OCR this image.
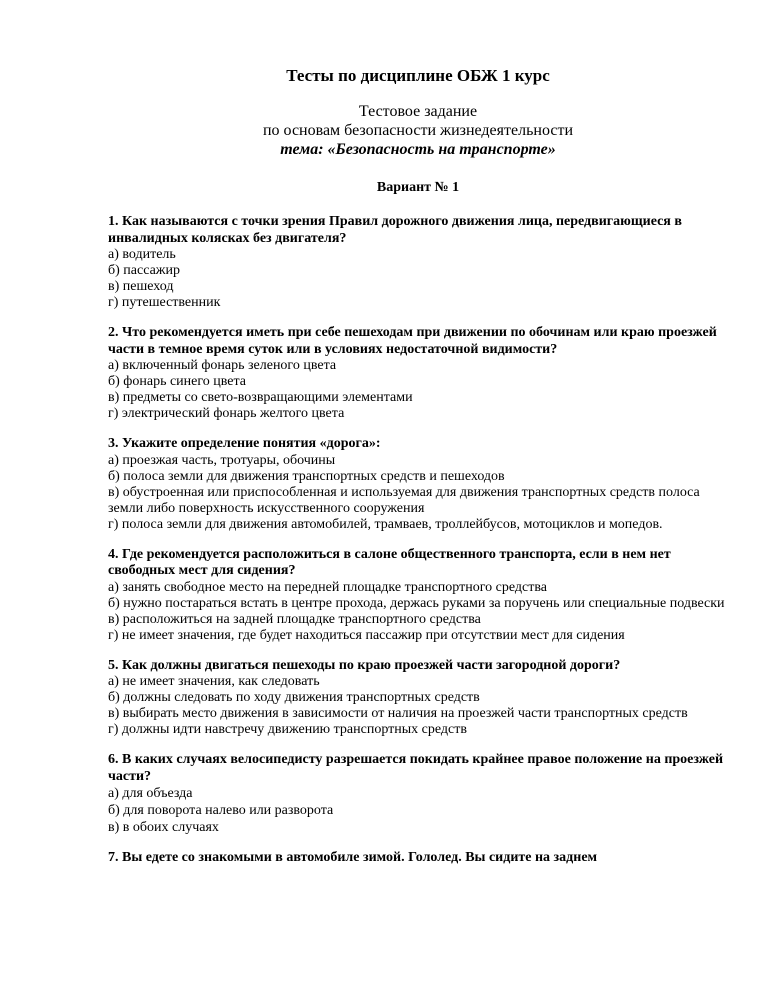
Тесты по дисциплине ОБЖ 1 курс

Тестовое задание

по основам безопасности жизнедеятельности

тема: «Безопасность на транспорте»

Вариант № 1

1. Как называются с точки зрения Правил дорожного движения лица, передвигающиеся в инвалидных колясках без двигателя?

а) водитель

б) пассажир

в) пешеход

г) путешественник

2. Что рекомендуется иметь при себе пешеходам при движении по обочинам или краю проезжей части в темное время суток или в условиях недостаточной видимости?

а) включенный фонарь зеленого цвета

б) фонарь синего цвета

в) предметы со свето-возвращающими элементами

г) электрический фонарь желтого цвета

3. Укажите определение понятия «дорога»:

а) проезжая часть, тротуары, обочины

б) полоса земли для движения транспортных средств и пешеходов

в) обустроенная или приспособленная и используемая для движения транспортных средств полоса земли либо поверхность искусственного сооружения

г) полоса земли для движения автомобилей, трамваев, троллейбусов, мотоциклов и мопедов.

4. Где рекомендуется расположиться в салоне общественного транспорта, если в нем нет свободных мест для сидения?

а) занять свободное место на передней площадке транспортного средства

б) нужно постараться встать в центре прохода, держась руками за поручень или специальные подвески

в) расположиться на задней площадке транспортного средства

г) не имеет значения, где будет находиться пассажир при отсутствии мест для сидения

5. Как должны двигаться пешеходы по краю проезжей части загородной дороги?

а) не имеет значения, как следовать

б) должны следовать по ходу движения транспортных средств

в) выбирать место движения в зависимости от наличия на проезжей части транспортных средств

г) должны идти навстречу движению транспортных средств

6. В каких случаях велосипедисту разрешается покидать крайнее правое положение на проезжей части?

а) для объезда

б) для поворота налево или разворота

в) в обоих случаях

7. Вы едете со знакомыми в автомобиле зимой. Гололед. Вы сидите на заднем
